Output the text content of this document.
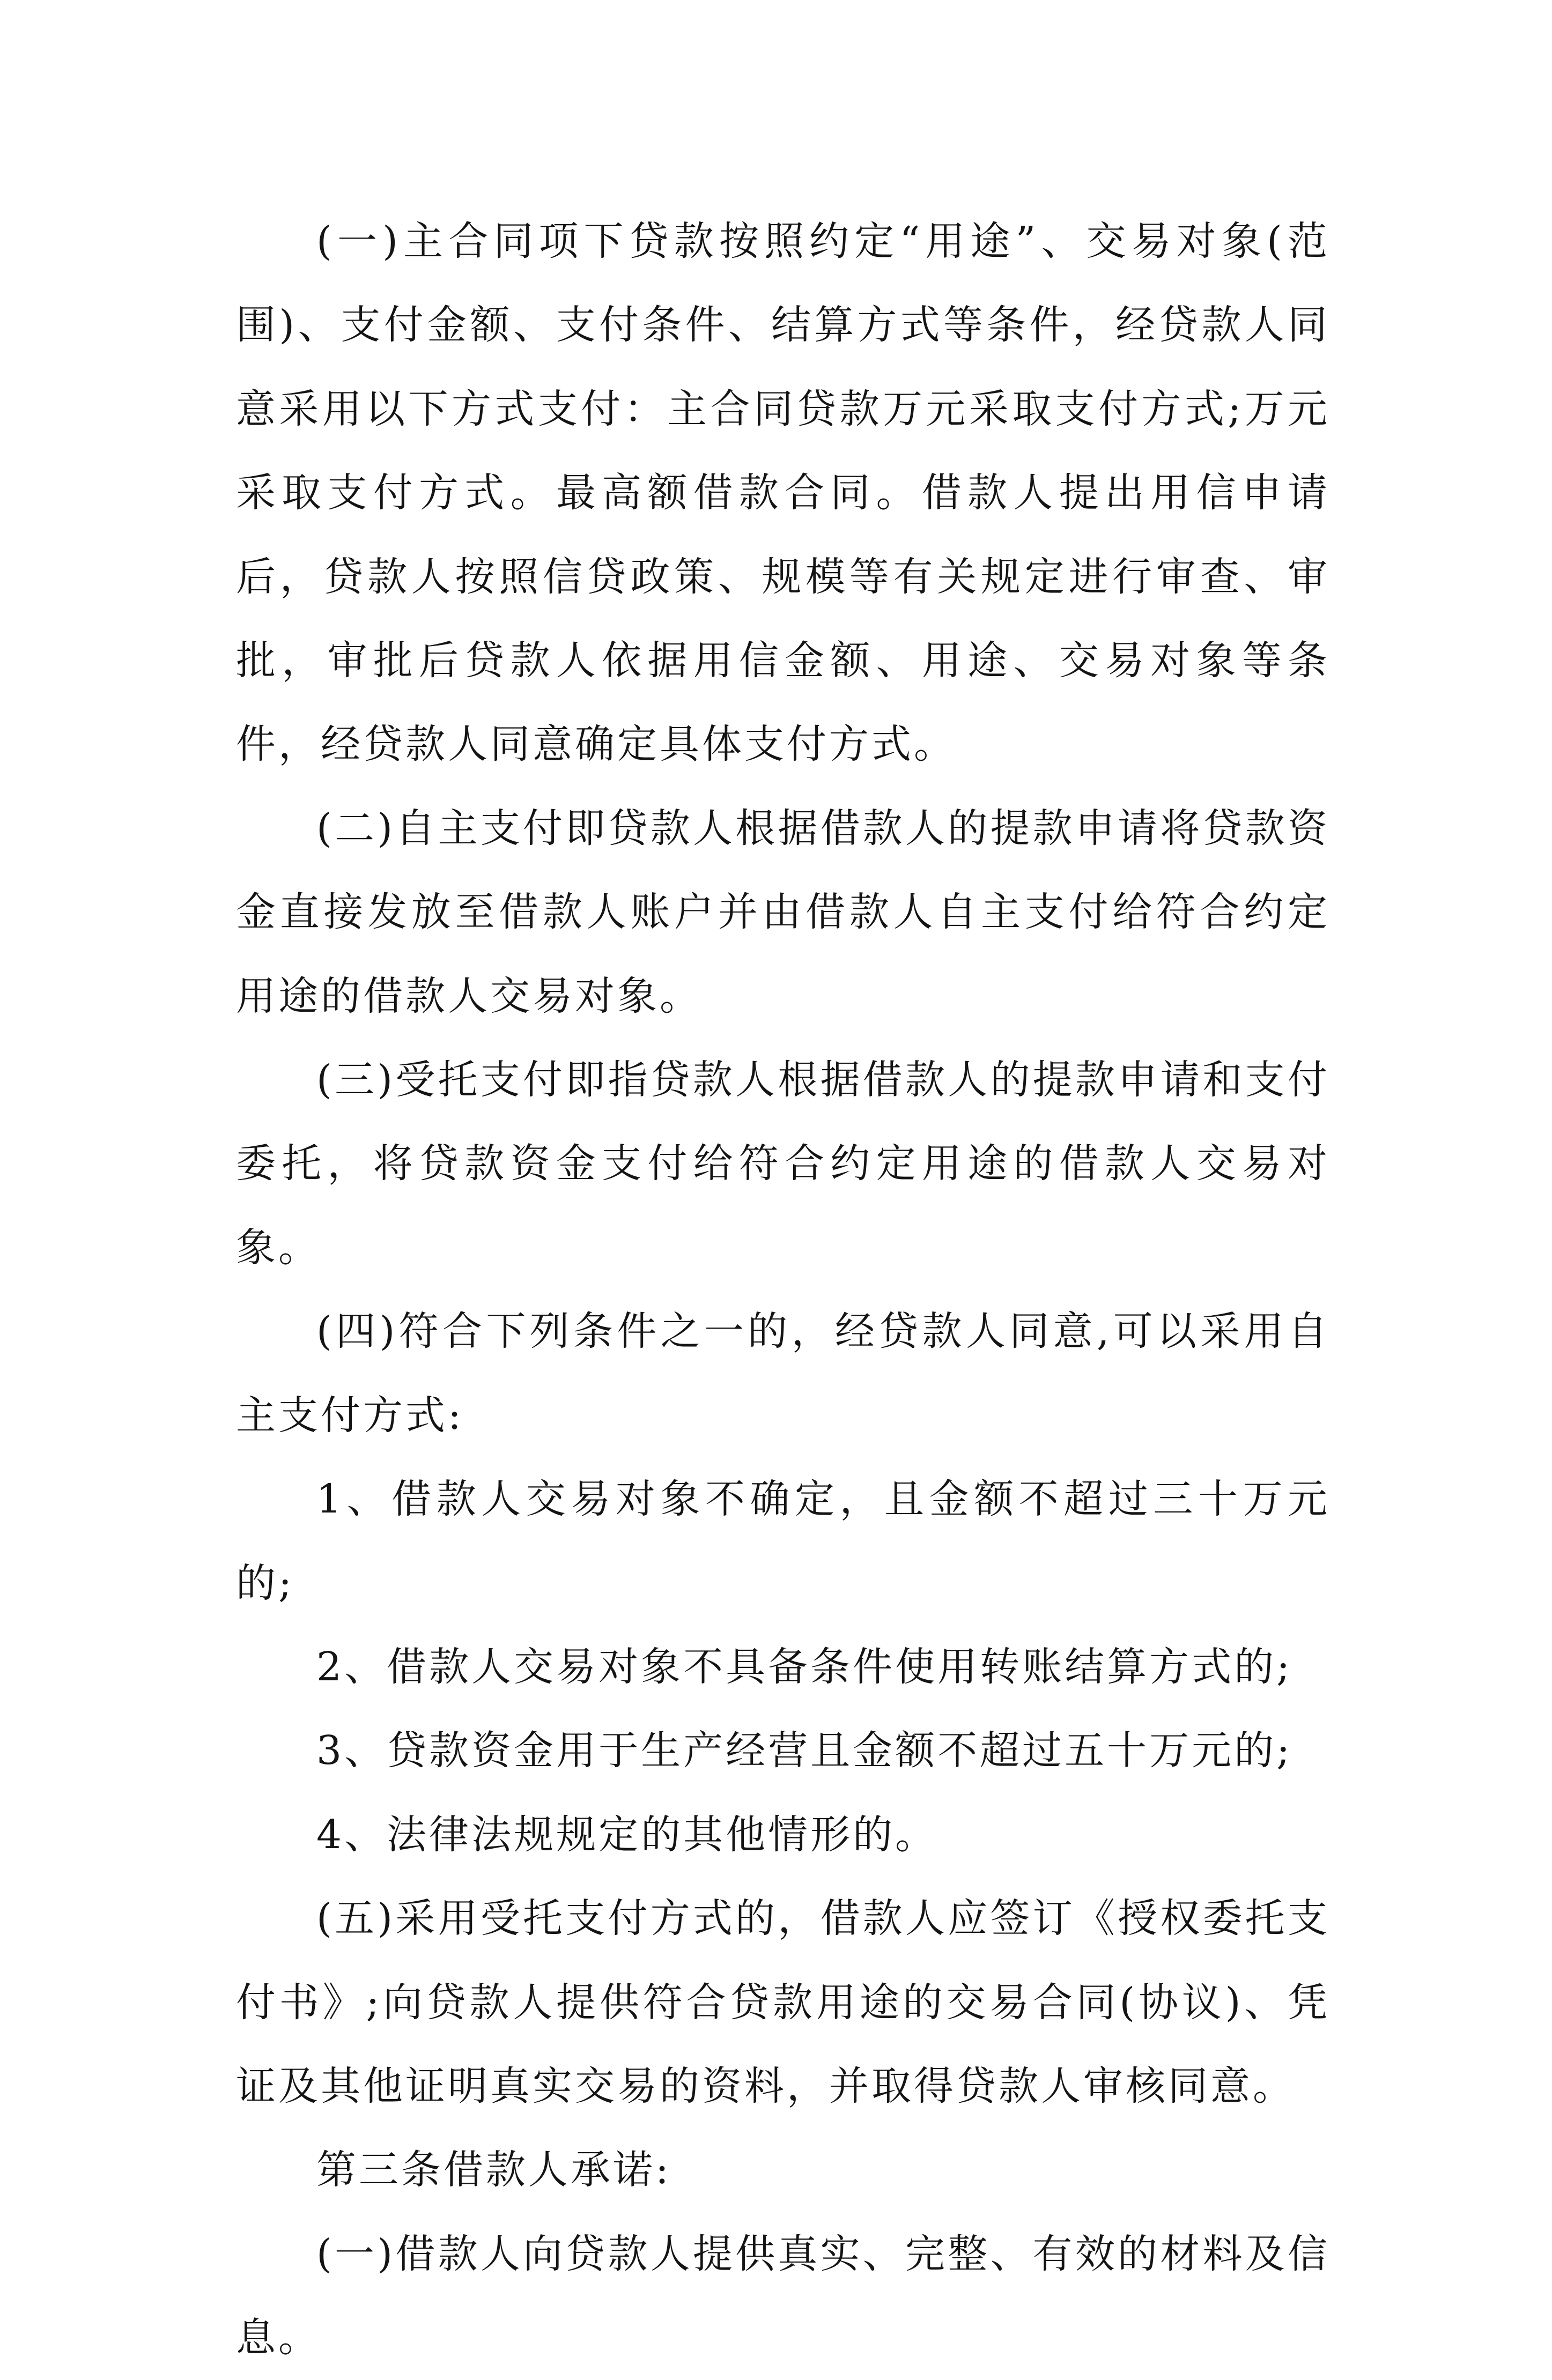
(一)主合同项下贷款按照约定“用途”、交易对象(范围)、支付金额、支付条件、结算方式等条件，经贷款人同意采用以下方式支付：主合同贷款万元采取支付方式;万元采取支付方式。最高额借款合同。借款人提出用信申请后，贷款人按照信贷政策、规模等有关规定进行审查、审批，审批后贷款人依据用信金额、用途、交易对象等条件，经贷款人同意确定具体支付方式。

(二)自主支付即贷款人根据借款人的提款申请将贷款资金直接发放至借款人账户并由借款人自主支付给符合约定用途的借款人交易对象。

(三)受托支付即指贷款人根据借款人的提款申请和支付委托，将贷款资金支付给符合约定用途的借款人交易对象。

(四)符合下列条件之一的，经贷款人同意,可以采用自主支付方式:

1、借款人交易对象不确定，且金额不超过三十万元的;

2、借款人交易对象不具备条件使用转账结算方式的;

3、贷款资金用于生产经营且金额不超过五十万元的;

4、法律法规规定的其他情形的。

(五)采用受托支付方式的，借款人应签订《授权委托支付书》;向贷款人提供符合贷款用途的交易合同(协议)、凭证及其他证明真实交易的资料，并取得贷款人审核同意。

第三条借款人承诺:

(一)借款人向贷款人提供真实、完整、有效的材料及信息。
